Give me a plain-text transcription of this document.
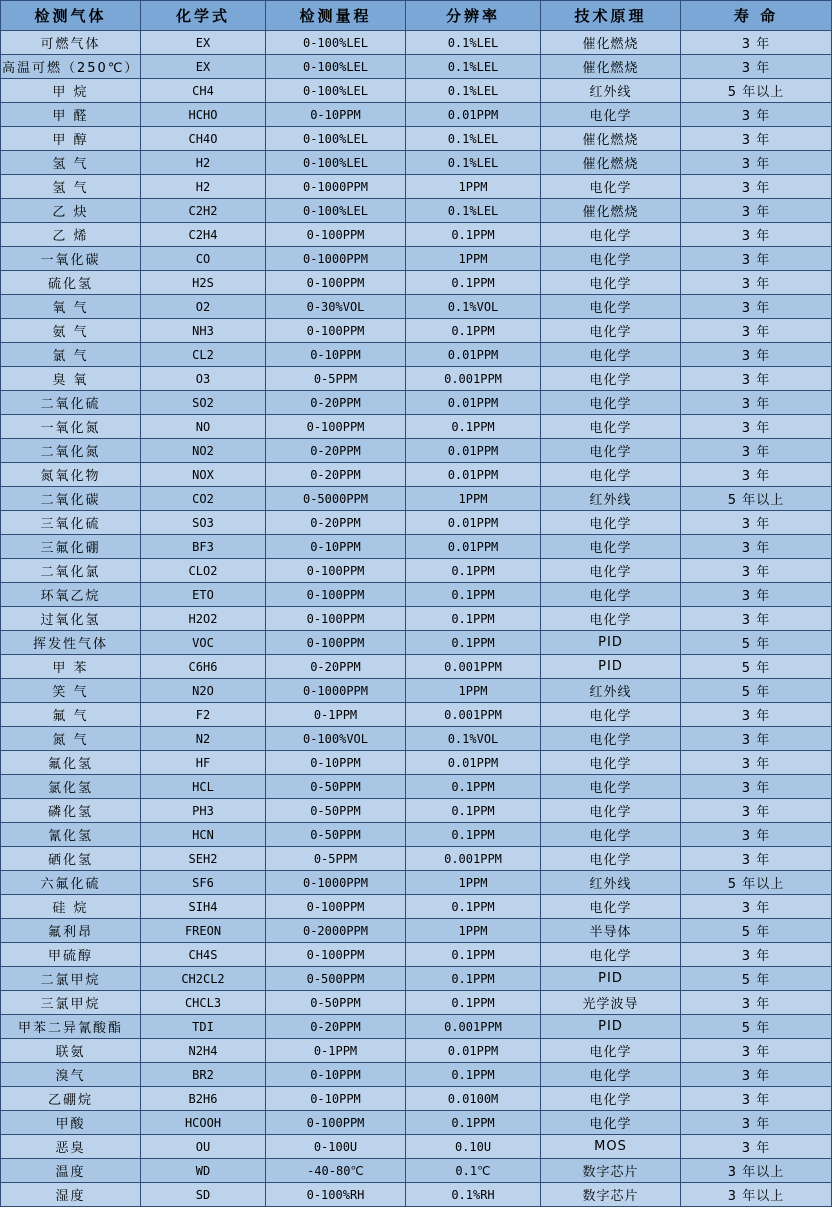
检测气体	化学式	检测量程	分辨率	技术原理	寿 命
可燃气体	EX	0-100%LEL	0.1%LEL	催化燃烧	3 年
高温可燃（250℃）	EX	0-100%LEL	0.1%LEL	催化燃烧	3 年
甲 烷	CH4	0-100%LEL	0.1%LEL	红外线	5 年以上
甲 醛	HCHO	0-10PPM	0.01PPM	电化学	3 年
甲 醇	CH4O	0-100%LEL	0.1%LEL	催化燃烧	3 年
氢 气	H2	0-100%LEL	0.1%LEL	催化燃烧	3 年
氢 气	H2	0-1000PPM	1PPM	电化学	3 年
乙 炔	C2H2	0-100%LEL	0.1%LEL	催化燃烧	3 年
乙 烯	C2H4	0-100PPM	0.1PPM	电化学	3 年
一氧化碳	CO	0-1000PPM	1PPM	电化学	3 年
硫化氢	H2S	0-100PPM	0.1PPM	电化学	3 年
氧 气	O2	0-30%VOL	0.1%VOL	电化学	3 年
氨 气	NH3	0-100PPM	0.1PPM	电化学	3 年
氯 气	CL2	0-10PPM	0.01PPM	电化学	3 年
臭 氧	O3	0-5PPM	0.001PPM	电化学	3 年
二氧化硫	SO2	0-20PPM	0.01PPM	电化学	3 年
一氧化氮	NO	0-100PPM	0.1PPM	电化学	3 年
二氧化氮	NO2	0-20PPM	0.01PPM	电化学	3 年
氮氧化物	NOX	0-20PPM	0.01PPM	电化学	3 年
二氧化碳	CO2	0-5000PPM	1PPM	红外线	5 年以上
三氧化硫	SO3	0-20PPM	0.01PPM	电化学	3 年
三氟化硼	BF3	0-10PPM	0.01PPM	电化学	3 年
二氧化氯	CLO2	0-100PPM	0.1PPM	电化学	3 年
环氧乙烷	ETO	0-100PPM	0.1PPM	电化学	3 年
过氧化氢	H2O2	0-100PPM	0.1PPM	电化学	3 年
挥发性气体	VOC	0-100PPM	0.1PPM	PID	5 年
甲 苯	C6H6	0-20PPM	0.001PPM	PID	5 年
笑 气	N2O	0-1000PPM	1PPM	红外线	5 年
氟 气	F2	0-1PPM	0.001PPM	电化学	3 年
氮 气	N2	0-100%VOL	0.1%VOL	电化学	3 年
氟化氢	HF	0-10PPM	0.01PPM	电化学	3 年
氯化氢	HCL	0-50PPM	0.1PPM	电化学	3 年
磷化氢	PH3	0-50PPM	0.1PPM	电化学	3 年
氰化氢	HCN	0-50PPM	0.1PPM	电化学	3 年
硒化氢	SEH2	0-5PPM	0.001PPM	电化学	3 年
六氟化硫	SF6	0-1000PPM	1PPM	红外线	5 年以上
硅 烷	SIH4	0-100PPM	0.1PPM	电化学	3 年
氟利昂	FREON	0-2000PPM	1PPM	半导体	5 年
甲硫醇	CH4S	0-100PPM	0.1PPM	电化学	3 年
二氯甲烷	CH2CL2	0-500PPM	0.1PPM	PID	5 年
三氯甲烷	CHCL3	0-50PPM	0.1PPM	光学波导	3 年
甲苯二异氰酸酯	TDI	0-20PPM	0.001PPM	PID	5 年
联氨	N2H4	0-1PPM	0.01PPM	电化学	3 年
溴气	BR2	0-10PPM	0.1PPM	电化学	3 年
乙硼烷	B2H6	0-10PPM	0.0100M	电化学	3 年
甲酸	HCOOH	0-100PPM	0.1PPM	电化学	3 年
恶臭	OU	0-100U	0.10U	MOS	3 年
温度	WD	-40-80℃	0.1℃	数字芯片	3 年以上
湿度	SD	0-100%RH	0.1%RH	数字芯片	3 年以上
